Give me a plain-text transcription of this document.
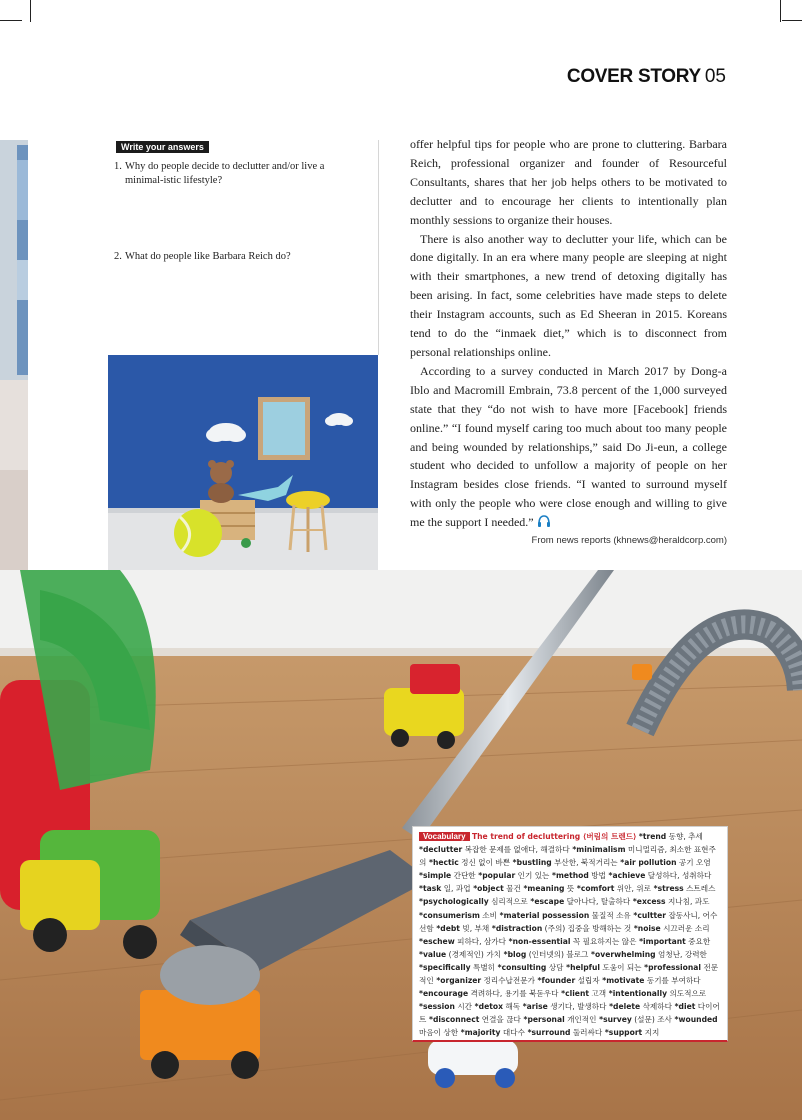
COVER STORY 05
Write your answers
1. Why do people decide to declutter and/or live a minimal-istic lifestyle?
2. What do people like Barbara Reich do?

offer helpful tips for people who are prone to cluttering. Barbara Reich, professional organizer and founder of Resourceful Consultants, shares that her job helps others to be motivated to declutter and to encourage her clients to intentionally plan monthly sessions to organize their houses.

There is also another way to declutter your life, which can be done digitally. In an era where many people are sleeping at night with their smartphones, a new trend of detoxing digitally has been arising. In fact, some celebrities have made steps to delete their Instagram accounts, such as Ed Sheeran in 2015. Koreans tend to do the “inmaek diet,” which is to disconnect from personal relationships online.

According to a survey conducted in March 2017 by Dong-a Iblo and Macromill Embrain, 73.8 percent of the 1,000 surveyed state that they “do not wish to have more [Facebook] friends online.” “I found myself caring too much about too many people and being wounded by relationships,” said Do Ji-eun, a college student who decided to unfollow a majority of people on her Instagram besides close friends. “I wanted to surround myself with only the people who were close enough and willing to give me the support I needed.”
From news reports (khnews@heraldcorp.com)

Vocabulary The trend of decluttering ⟨버림의 트렌드⟩ *trend 동향, 추세 *declutter 복잡한 문제를 없애다, 해결하다 *minimalism 미니멀리즘, 최소한 표현주의 *hectic 정신 없이 바쁜 *bustling 부산한, 북적거리는 *air pollution 공기 오염 *simple 간단한 *popular 인기 있는 *method 방법 *achieve 달성하다, 성취하다 *task 일, 과업 *object 물건 *meaning 뜻 *comfort 위안, 위로 *stress 스트레스 *psychologically 심리적으로 *escape 달아나다, 탈출하다 *excess 지나침, 과도 *consumerism 소비 *material possession 물질적 소유 *cultter 잡동사니, 어수선함 *debt 빚, 부채 *distraction (주의) 집중을 방해하는 것 *noise 시끄러운 소리 *eschew 피하다, 삼가다 *non-essential 꼭 필요하지는 않은 *important 중요한 *value (경제적인) 가치 *blog (인터넷의) 블로그 *overwhelming 엄청난, 강력한 *specifically 특별히 *consulting 상담 *helpful 도움이 되는 *professional 전문적인 *organizer 정리수납전문가 *founder 설립자 *motivate 동기를 부여하다 *encourage 격려하다, 용기를 북돋우다 *client 고객 *intentionally 의도적으로 *session 시간 *detox 해독 *arise 생기다, 발생하다 *delete 삭제하다 *diet 다이어트 *disconnect 연결을 끊다 *personal 개인적인 *survey (설문) 조사 *wounded 마음이 상한 *majority 대다수 *surround 둘러싸다 *support 지지
